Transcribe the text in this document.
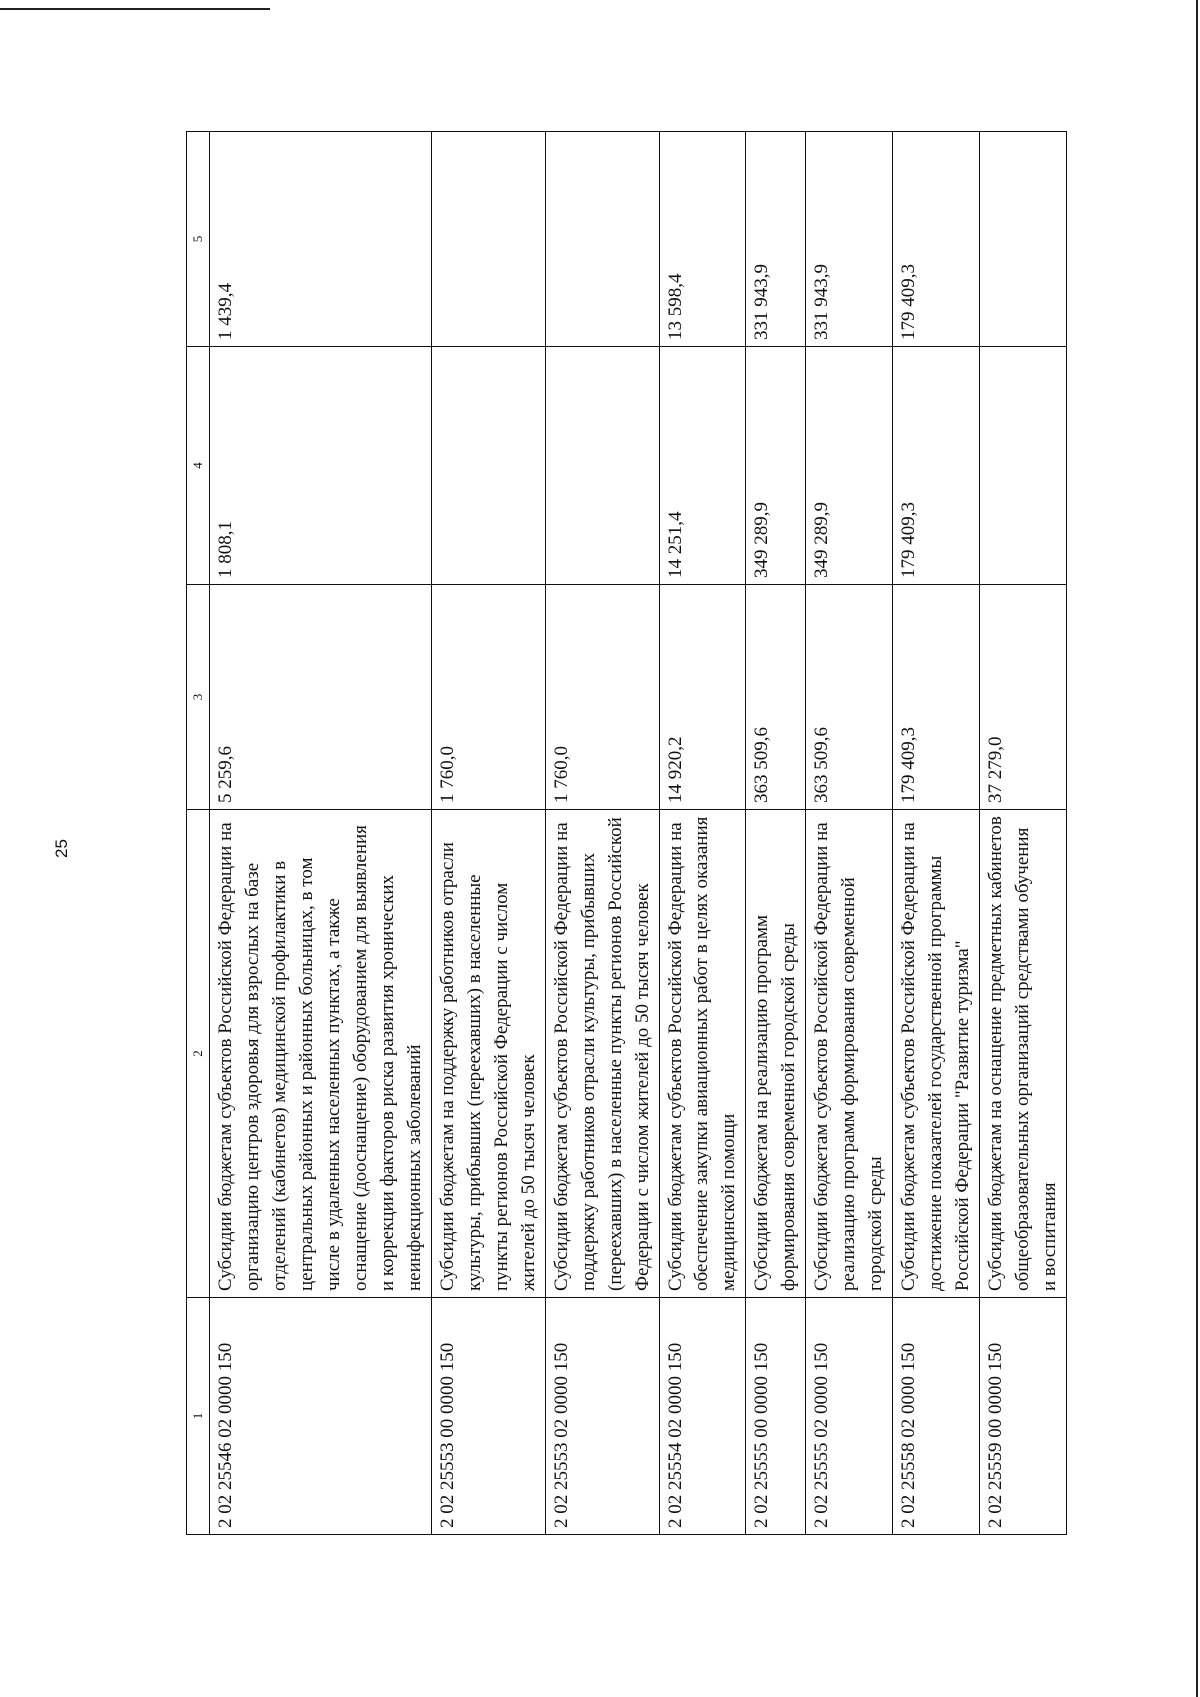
25
1	2	3	4	5
2 02 25546 02 0000 150	Субсидии бюджетам субъектов Российской Федерации на организацию центров здоровья для взрослых на базе отделений (кабинетов) медицинской профилактики в центральных районных и районных больницах, в том числе в удаленных населенных пунктах, а также оснащение (дооснащение) оборудованием для выявления и коррекции факторов риска развития хронических неинфекционных заболеваний	5 259,6	1 808,1	1 439,4
2 02 25553 00 0000 150	Субсидии бюджетам на поддержку работников отрасли культуры, прибывших (переехавших) в населенные пункты регионов Российской Федерации с числом жителей до 50 тысяч человек	1 760,0		
2 02 25553 02 0000 150	Субсидии бюджетам субъектов Российской Федерации на поддержку работников отрасли культуры, прибывших (переехавших) в населенные пункты регионов Российской Федерации с числом жителей до 50 тысяч человек	1 760,0		
2 02 25554 02 0000 150	Субсидии бюджетам субъектов Российской Федерации на обеспечение закупки авиационных работ в целях оказания медицинской помощи	14 920,2	14 251,4	13 598,4
2 02 25555 00 0000 150	Субсидии бюджетам на реализацию программ формирования современной городской среды	363 509,6	349 289,9	331 943,9
2 02 25555 02 0000 150	Субсидии бюджетам субъектов Российской Федерации на реализацию программ формирования современной городской среды	363 509,6	349 289,9	331 943,9
2 02 25558 02 0000 150	Субсидии бюджетам субъектов Российской Федерации на достижение показателей государственной программы Российской Федерации "Развитие туризма"	179 409,3	179 409,3	179 409,3
2 02 25559 00 0000 150	Субсидии бюджетам на оснащение предметных кабинетов общеобразовательных организаций средствами обучения и воспитания	37 279,0		
